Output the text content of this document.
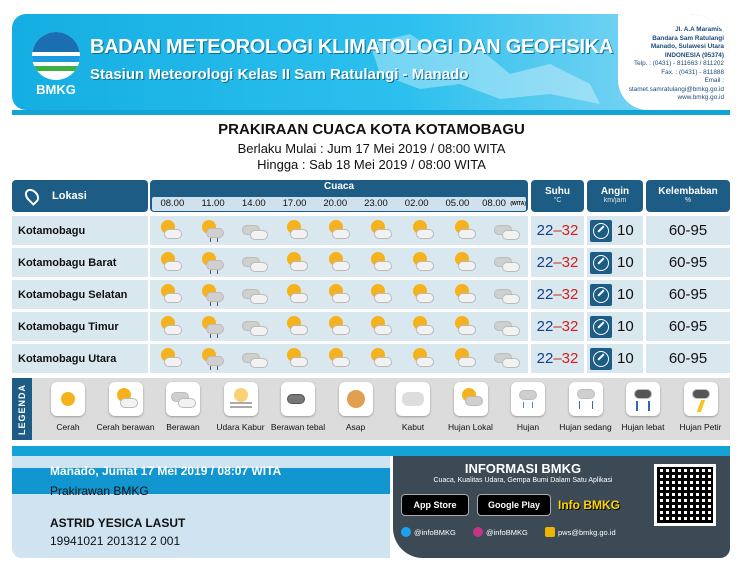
BMKG
BADAN METEOROLOGI KLIMATOLOGI DAN GEOFISIKA
Stasiun Meteorologi Kelas II Sam Ratulangi - Manado
Jl. A.A Maramis,
Bandara Sam Ratulangi
Manado, Sulawesi Utara
INDONESIA (95374)
Telp. : (0431) - 811663 / 811202
Fax. : (0431) - 811888
Email :
stamet.samratulangi@bmkg.go.id
www.bmkg.go.id
PRAKIRAAN CUACA KOTA KOTAMOBAGU
Berlaku Mulai : Jum 17 Mei 2019 / 08:00 WITA
Hingga : Sab 18 Mei 2019 / 08:00 WITA
Lokasi
Cuaca
08.00	11.00	14.00	17.00	20.00	23.00	02.00	05.00	08.00 (WITA)
Suhu
°C
Angin
km/jam
Kelembaban
%
Kotamobagu	22–32	10	60-95
Kotamobagu Barat	22–32	10	60-95
Kotamobagu Selatan	22–32	10	60-95
Kotamobagu Timur	22–32	10	60-95
Kotamobagu Utara	22–32	10	60-95
LEGENDA	Cerah	Cerah berawan	Berawan	Udara Kabur Berawan tebal	Asap	Kabut	Hujan Lokal	Hujan	Hujan sedang	Hujan lebat	Hujan Petir
Manado, Jumat 17 Mei 2019 / 08:07 WITA
Prakirawan BMKG
ASTRID YESICA LASUT
19941021 201312 2 001
INFORMASI BMKG
Cuaca, Kualitas Udara, Gempa Bumi Dalam Satu Aplikasi
App Store	Google Play	Info BMKG
@infoBMKG	@infoBMKG	pws@bmkg.go.id
